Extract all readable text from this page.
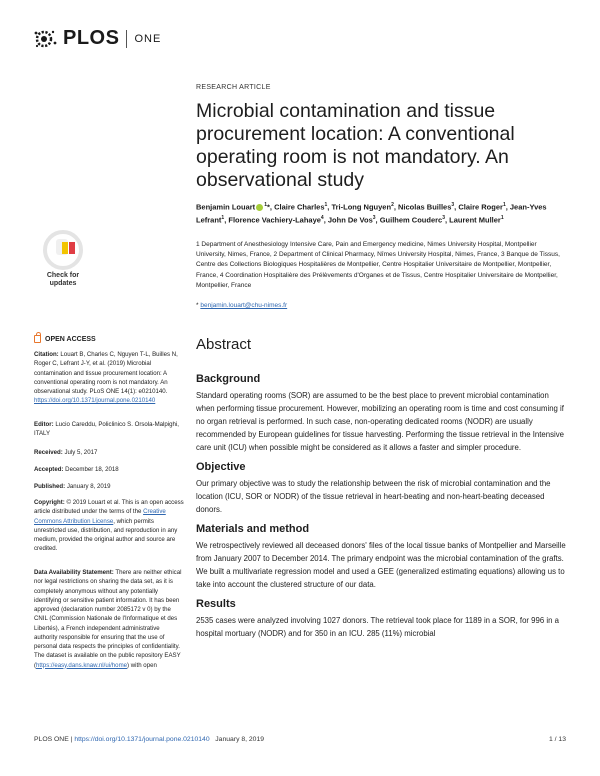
PLOS ONE
Check for
updates
OPEN ACCESS
Citation: Louart B, Charles C, Nguyen T-L, Builles N, Roger C, Lefrant J-Y, et al. (2019) Microbial contamination and tissue procurement location: A conventional operating room is not mandatory. An observational study. PLoS ONE 14(1): e0210140. https://doi.org/10.1371/journal.pone.0210140
Editor: Lucio Careddu, Policlinico S. Orsola-Malpighi, ITALY
Received: July 5, 2017
Accepted: December 18, 2018
Published: January 8, 2019
Copyright: © 2019 Louart et al. This is an open access article distributed under the terms of the Creative Commons Attribution License, which permits unrestricted use, distribution, and reproduction in any medium, provided the original author and source are credited.
Data Availability Statement: There are neither ethical nor legal restrictions on sharing the data set, as it is completely anonymous without any potentially identifying or sensitive patient information. It has been approved (declaration number 2085172 v 0) by the CNIL (Commission Nationale de l'Informatique et des Libertés), a French independent administrative authority responsible for ensuring that the use of personal data respects the principles of confidentiality. The dataset is available on the public repository EASY (https://easy.dans.knaw.nl/ui/home) with open
RESEARCH ARTICLE
Microbial contamination and tissue procurement location: A conventional operating room is not mandatory. An observational study
Benjamin Louart $^1$*, Claire Charles$^1$, Tri-Long Nguyen$^2$, Nicolas Builles$^3$, Claire Roger$^1$, Jean-Yves Lefrant$^1$, Florence Vachiery-Lahaye$^4$, John De Vos$^3$, Guilhem Couderc$^3$, Laurent Muller$^1$
1 Department of Anesthesiology Intensive Care, Pain and Emergency medicine, Nimes University Hospital, Montpellier University, Nimes, France, 2 Department of Clinical Pharmacy, Nîmes University Hospital, Nimes, France, 3 Banque de Tissus, Centre des Collections Biologiques Hospitalières de Montpellier, Centre Hospitalier Universitaire de Montpellier, Montpellier, France, 4 Coordination Hospitalière des Prélèvements d'Organes et de Tissus, Centre Hospitalier Universitaire de Montpellier, Montpellier, France
* benjamin.louart@chu-nimes.fr
Abstract
Background
Standard operating rooms (SOR) are assumed to be the best place to prevent microbial contamination when performing tissue procurement. However, mobilizing an operating room is time and cost consuming if no organ retrieval is performed. In such case, non-operating dedicated rooms (NODR) are usually recommended by European guidelines for tissue harvesting. Performing the tissue retrieval in the Intensive care unit (ICU) when possible might be considered as it allows a faster and simpler procedure.
Objective
Our primary objective was to study the relationship between the risk of microbial contamination and the location (ICU, SOR or NODR) of the tissue retrieval in heart-beating and non-heart-beating deceased donors.
Materials and method
We retrospectively reviewed all deceased donors' files of the local tissue banks of Montpellier and Marseille from January 2007 to December 2014. The primary endpoint was the microbial contamination of the grafts. We built a multivariate regression model and used a GEE (generalized estimating equations) allowing us to take into account the clustered structure of our data.
Results
2535 cases were analyzed involving 1027 donors. The retrieval took place for 1189 in a SOR, for 996 in a hospital mortuary (NODR) and for 350 in an ICU. 285 (11%) microbial
PLOS ONE | https://doi.org/10.1371/journal.pone.0210140 January 8, 2019	1 / 13
